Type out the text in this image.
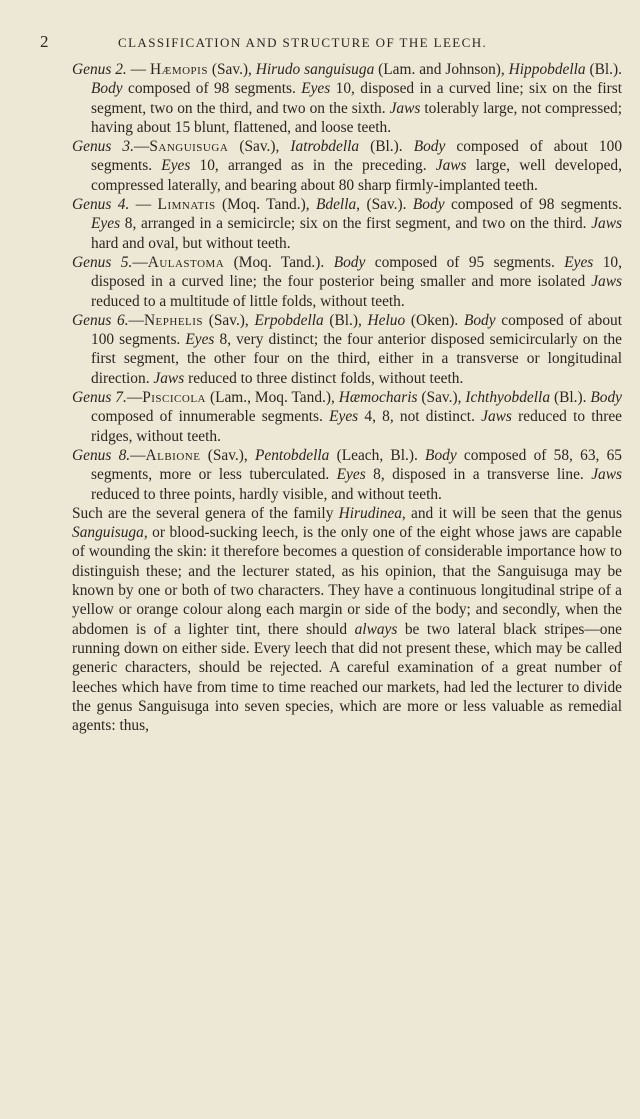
2	CLASSIFICATION AND STRUCTURE OF THE LEECH.

Genus 2. — Hæmopis (Sav.), Hirudo sanguisuga (Lam. and Johnson), Hippobdella (Bl.). Body composed of 98 segments. Eyes 10, disposed in a curved line; six on the first segment, two on the third, and two on the sixth. Jaws tolerably large, not compressed; having about 15 blunt, flattened, and loose teeth.

Genus 3.—Sanguisuga (Sav.), Iatrobdella (Bl.). Body composed of about 100 segments. Eyes 10, arranged as in the preceding. Jaws large, well developed, compressed laterally, and bearing about 80 sharp firmly-implanted teeth.

Genus 4. — Limnatis (Moq. Tand.), Bdella, (Sav.). Body composed of 98 segments. Eyes 8, arranged in a semicircle; six on the first segment, and two on the third. Jaws hard and oval, but without teeth.

Genus 5.—Aulastoma (Moq. Tand.). Body composed of 95 segments. Eyes 10, disposed in a curved line; the four posterior being smaller and more isolated Jaws reduced to a multitude of little folds, without teeth.

Genus 6.—Nephelis (Sav.), Erpobdella (Bl.), Heluo (Oken). Body composed of about 100 segments. Eyes 8, very distinct; the four anterior disposed semicircularly on the first segment, the other four on the third, either in a transverse or longitudinal direction. Jaws reduced to three distinct folds, without teeth.

Genus 7.—Piscicola (Lam., Moq. Tand.), Hæmocharis (Sav.), Ichthyobdella (Bl.). Body composed of innumerable segments. Eyes 4, 8, not distinct. Jaws reduced to three ridges, without teeth.

Genus 8.—Albione (Sav.), Pentobdella (Leach, Bl.). Body composed of 58, 63, 65 segments, more or less tuberculated. Eyes 8, disposed in a transverse line. Jaws reduced to three points, hardly visible, and without teeth.

Such are the several genera of the family Hirudinea, and it will be seen that the genus Sanguisuga, or blood-sucking leech, is the only one of the eight whose jaws are capable of wounding the skin: it therefore becomes a question of considerable importance how to distinguish these; and the lecturer stated, as his opinion, that the Sanguisuga may be known by one or both of two characters. They have a continuous longitudinal stripe of a yellow or orange colour along each margin or side of the body; and secondly, when the abdomen is of a lighter tint, there should always be two lateral black stripes—one running down on either side. Every leech that did not present these, which may be called generic characters, should be rejected. A careful examination of a great number of leeches which have from time to time reached our markets, had led the lecturer to divide the genus Sanguisuga into seven species, which are more or less valuable as remedial agents: thus,
